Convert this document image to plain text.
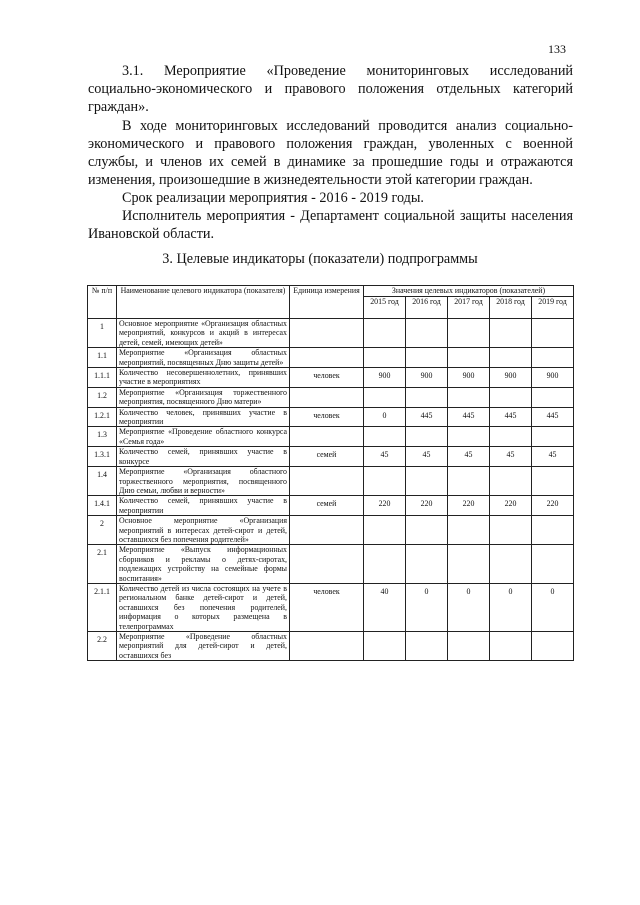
133

3.1. Мероприятие «Проведение мониторинговых исследований социально-экономического и правового положения отдельных категорий граждан».

В ходе мониторинговых исследований проводится анализ социально-экономического и правового положения граждан, уволенных с военной службы, и членов их семей в динамике за прошедшие годы и отражаются изменения, произошедшие в жизнедеятельности этой категории граждан.

Срок реализации мероприятия - 2016 - 2019 годы.

Исполнитель мероприятия - Департамент социальной защиты населения Ивановской области.

3. Целевые индикаторы (показатели) подпрограммы
№ п/п	Наименование целевого индикатора (показателя)	Единица измерения	Значения целевых индикаторов (показателей)				
			2015 год	2016 год	2017 год	2018 год	2019 год
1	Основное мероприятие «Организация областных мероприятий, конкурсов и акций в интересах детей, семей, имеющих детей»						
1.1	Мероприятие «Организация областных мероприятий, посвященных Дню защиты детей»						
1.1.1	Количество несовершеннолетних, принявших участие в мероприятиях	человек	900	900	900	900	900
1.2	Мероприятие «Организация торжественного мероприятия, посвященного Дню матери»						
1.2.1	Количество человек, принявших участие в мероприятии	человек	0	445	445	445	445
1.3	Мероприятие «Проведение областного конкурса «Семья года»						
1.3.1	Количество семей, принявших участие в конкурсе	семей	45	45	45	45	45
1.4	Мероприятие «Организация областного торжественного мероприятия, посвященного Дню семьи, любви и верности»						
1.4.1	Количество семей, принявших участие в мероприятии	семей	220	220	220	220	220
2	Основное мероприятие «Организация мероприятий в интересах детей-сирот и детей, оставшихся без попечения родителей»						
2.1	Мероприятие «Выпуск информационных сборников и рекламы о детях-сиротах, подлежащих устройству на семейные формы воспитания»						
2.1.1	Количество детей из числа состоящих на учете в региональном банке детей-сирот и детей, оставшихся без попечения родителей, информация о которых размещена в телепрограммах	человек	40	0	0	0	0
2.2	Мероприятие «Проведение областных мероприятий для детей-сирот и детей, оставшихся без						
